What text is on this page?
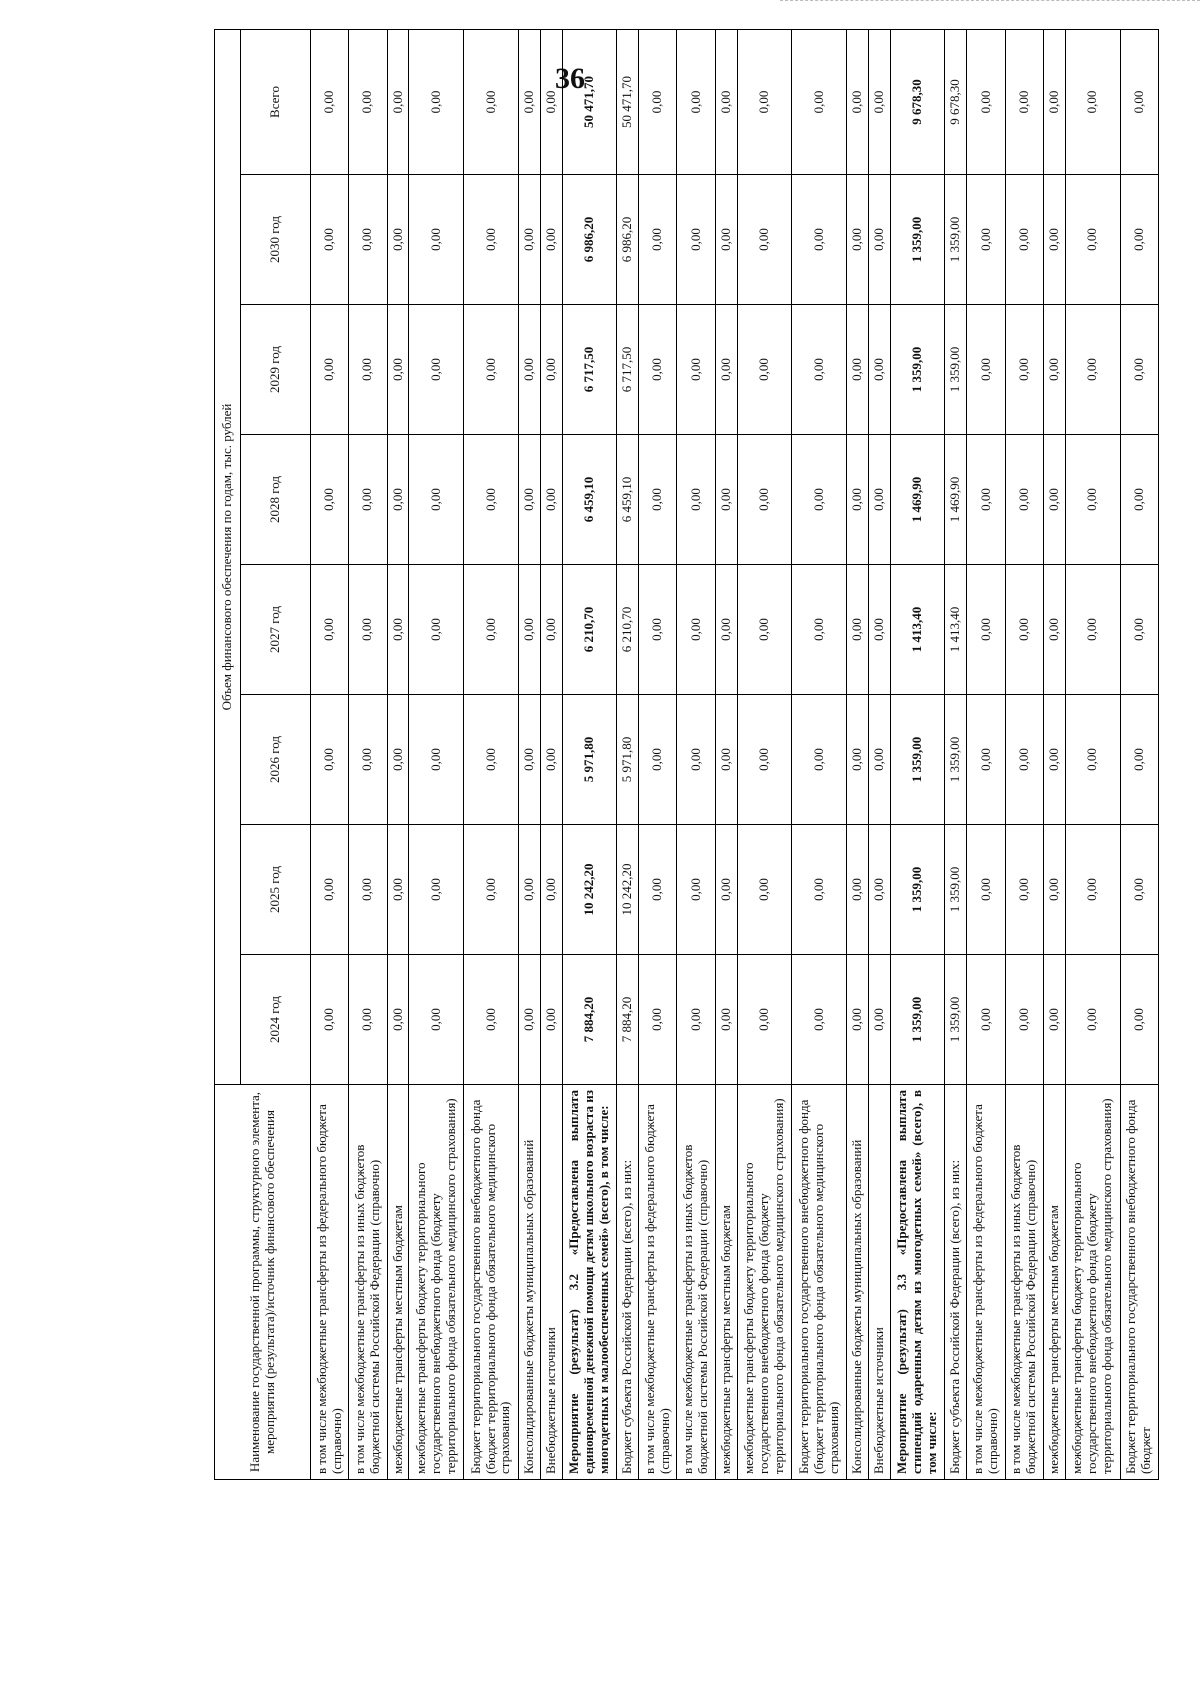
36
Наименование государственной программы, структурного элемента, мероприятия (результата)/источник финансового обеспечения	Объем финансового обеспечения по годам, тыс. рублей							
	2024 год	2025 год	2026 год	2027 год	2028 год	2029 год	2030 год	Всего
в том числе межбюджетные трансферты из федерального бюджета (справочно)	0,00	0,00	0,00	0,00	0,00	0,00	0,00	0,00
в том числе межбюджетные трансферты из иных бюджетов бюджетной системы Российской Федерации (справочно)	0,00	0,00	0,00	0,00	0,00	0,00	0,00	0,00
межбюджетные трансферты местным бюджетам	0,00	0,00	0,00	0,00	0,00	0,00	0,00	0,00
межбюджетные трансферты бюджету территориального государственного внебюджетного фонда (бюджету территориального фонда обязательного медицинского страхования)	0,00	0,00	0,00	0,00	0,00	0,00	0,00	0,00
Бюджет территориального государственного внебюджетного фонда (бюджет территориального фонда обязательного медицинского страхования)	0,00	0,00	0,00	0,00	0,00	0,00	0,00	0,00
Консолидированные бюджеты муниципальных образований	0,00	0,00	0,00	0,00	0,00	0,00	0,00	0,00
Внебюджетные источники	0,00	0,00	0,00	0,00	0,00	0,00	0,00	0,00
Мероприятие (результат) 3.2 «Предоставлена выплата единовременной денежной помощи детям школьного возраста из многодетных и малообеспеченных семей» (всего), в том числе:	7 884,20	10 242,20	5 971,80	6 210,70	6 459,10	6 717,50	6 986,20	50 471,70
Бюджет субъекта Российской Федерации (всего), из них:	7 884,20	10 242,20	5 971,80	6 210,70	6 459,10	6 717,50	6 986,20	50 471,70
в том числе межбюджетные трансферты из федерального бюджета (справочно)	0,00	0,00	0,00	0,00	0,00	0,00	0,00	0,00
в том числе межбюджетные трансферты из иных бюджетов бюджетной системы Российской Федерации (справочно)	0,00	0,00	0,00	0,00	0,00	0,00	0,00	0,00
межбюджетные трансферты местным бюджетам	0,00	0,00	0,00	0,00	0,00	0,00	0,00	0,00
межбюджетные трансферты бюджету территориального государственного внебюджетного фонда (бюджету территориального фонда обязательного медицинского страхования)	0,00	0,00	0,00	0,00	0,00	0,00	0,00	0,00
Бюджет территориального государственного внебюджетного фонда (бюджет территориального фонда обязательного медицинского страхования)	0,00	0,00	0,00	0,00	0,00	0,00	0,00	0,00
Консолидированные бюджеты муниципальных образований	0,00	0,00	0,00	0,00	0,00	0,00	0,00	0,00
Внебюджетные источники	0,00	0,00	0,00	0,00	0,00	0,00	0,00	0,00
Мероприятие (результат) 3.3 «Предоставлена выплата стипендий одаренным детям из многодетных семей» (всего), в том числе:	1 359,00	1 359,00	1 359,00	1 413,40	1 469,90	1 359,00	1 359,00	9 678,30
Бюджет субъекта Российской Федерации (всего), из них:	1 359,00	1 359,00	1 359,00	1 413,40	1 469,90	1 359,00	1 359,00	9 678,30
в том числе межбюджетные трансферты из федерального бюджета (справочно)	0,00	0,00	0,00	0,00	0,00	0,00	0,00	0,00
в том числе межбюджетные трансферты из иных бюджетов бюджетной системы Российской Федерации (справочно)	0,00	0,00	0,00	0,00	0,00	0,00	0,00	0,00
межбюджетные трансферты местным бюджетам	0,00	0,00	0,00	0,00	0,00	0,00	0,00	0,00
межбюджетные трансферты бюджету территориального государственного внебюджетного фонда (бюджету территориального фонда обязательного медицинского страхования)	0,00	0,00	0,00	0,00	0,00	0,00	0,00	0,00
Бюджет территориального государственного внебюджетного фонда (бюджет	0,00	0,00	0,00	0,00	0,00	0,00	0,00	0,00
